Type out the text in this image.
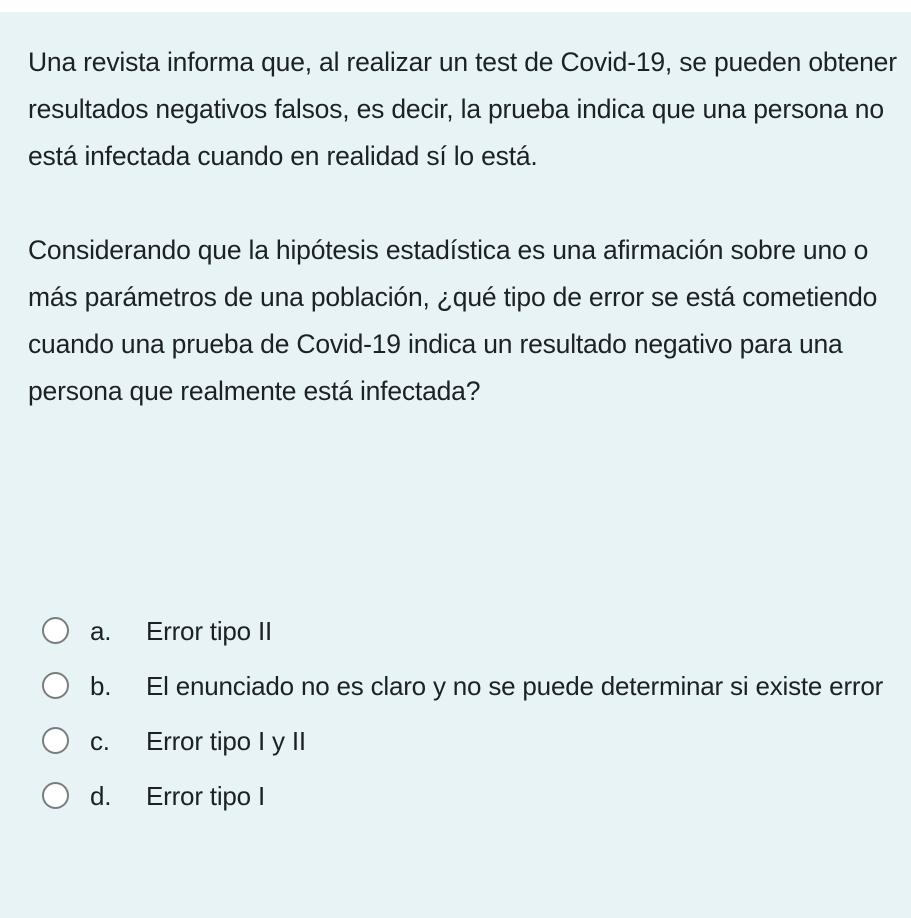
Una revista informa que, al realizar un test de Covid-19, se pueden obtener resultados negativos falsos, es decir, la prueba indica que una persona no está infectada cuando en realidad sí lo está.

Considerando que la hipótesis estadística es una afirmación sobre uno o más parámetros de una población, ¿qué tipo de error se está cometiendo cuando una prueba de Covid-19 indica un resultado negativo para una persona que realmente está infectada?

a. Error tipo II
b. El enunciado no es claro y no se puede determinar si existe error
c. Error tipo I y II
d. Error tipo I
